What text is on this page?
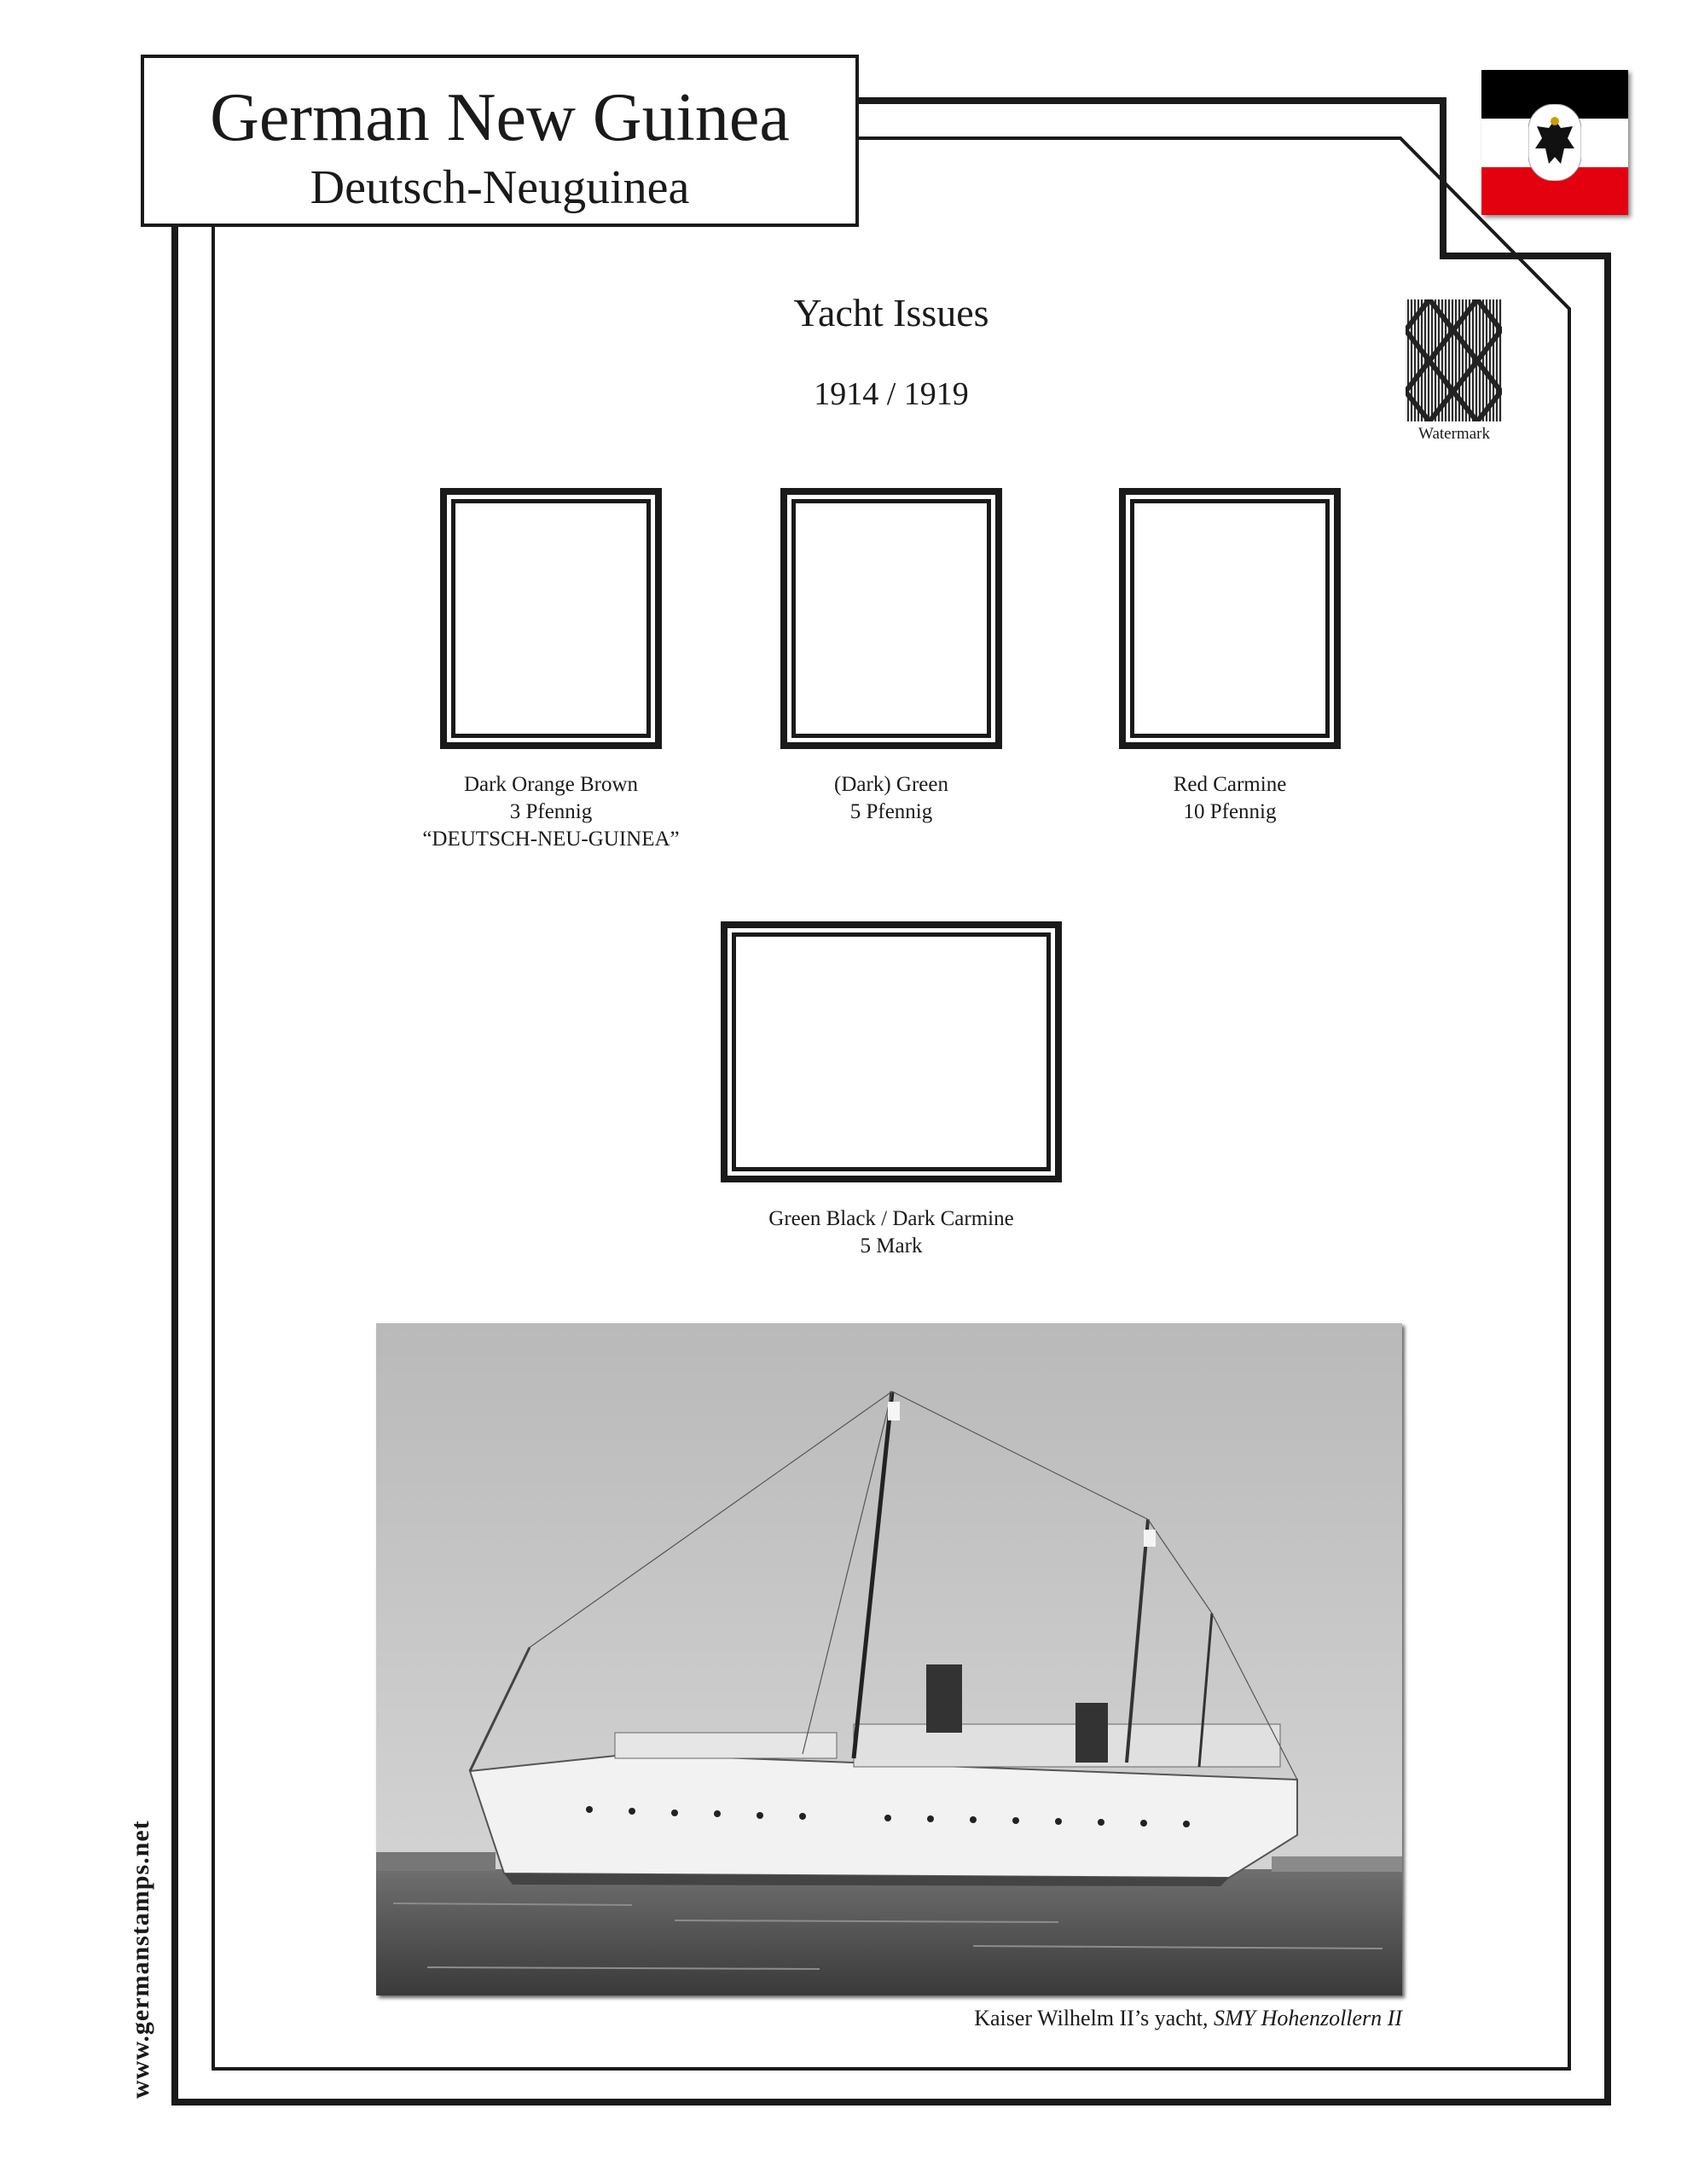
German New Guinea
Deutsch-Neuguinea
Yacht Issues
1914 / 1919
Watermark
Dark Orange Brown
3 Pfennig
“DEUTSCH-NEU-GUINEA”
(Dark) Green
5 Pfennig
Red Carmine
10 Pfennig
Green Black / Dark Carmine
5 Mark
Kaiser Wilhelm II’s yacht, SMY Hohenzollern II
www.germanstamps.net
